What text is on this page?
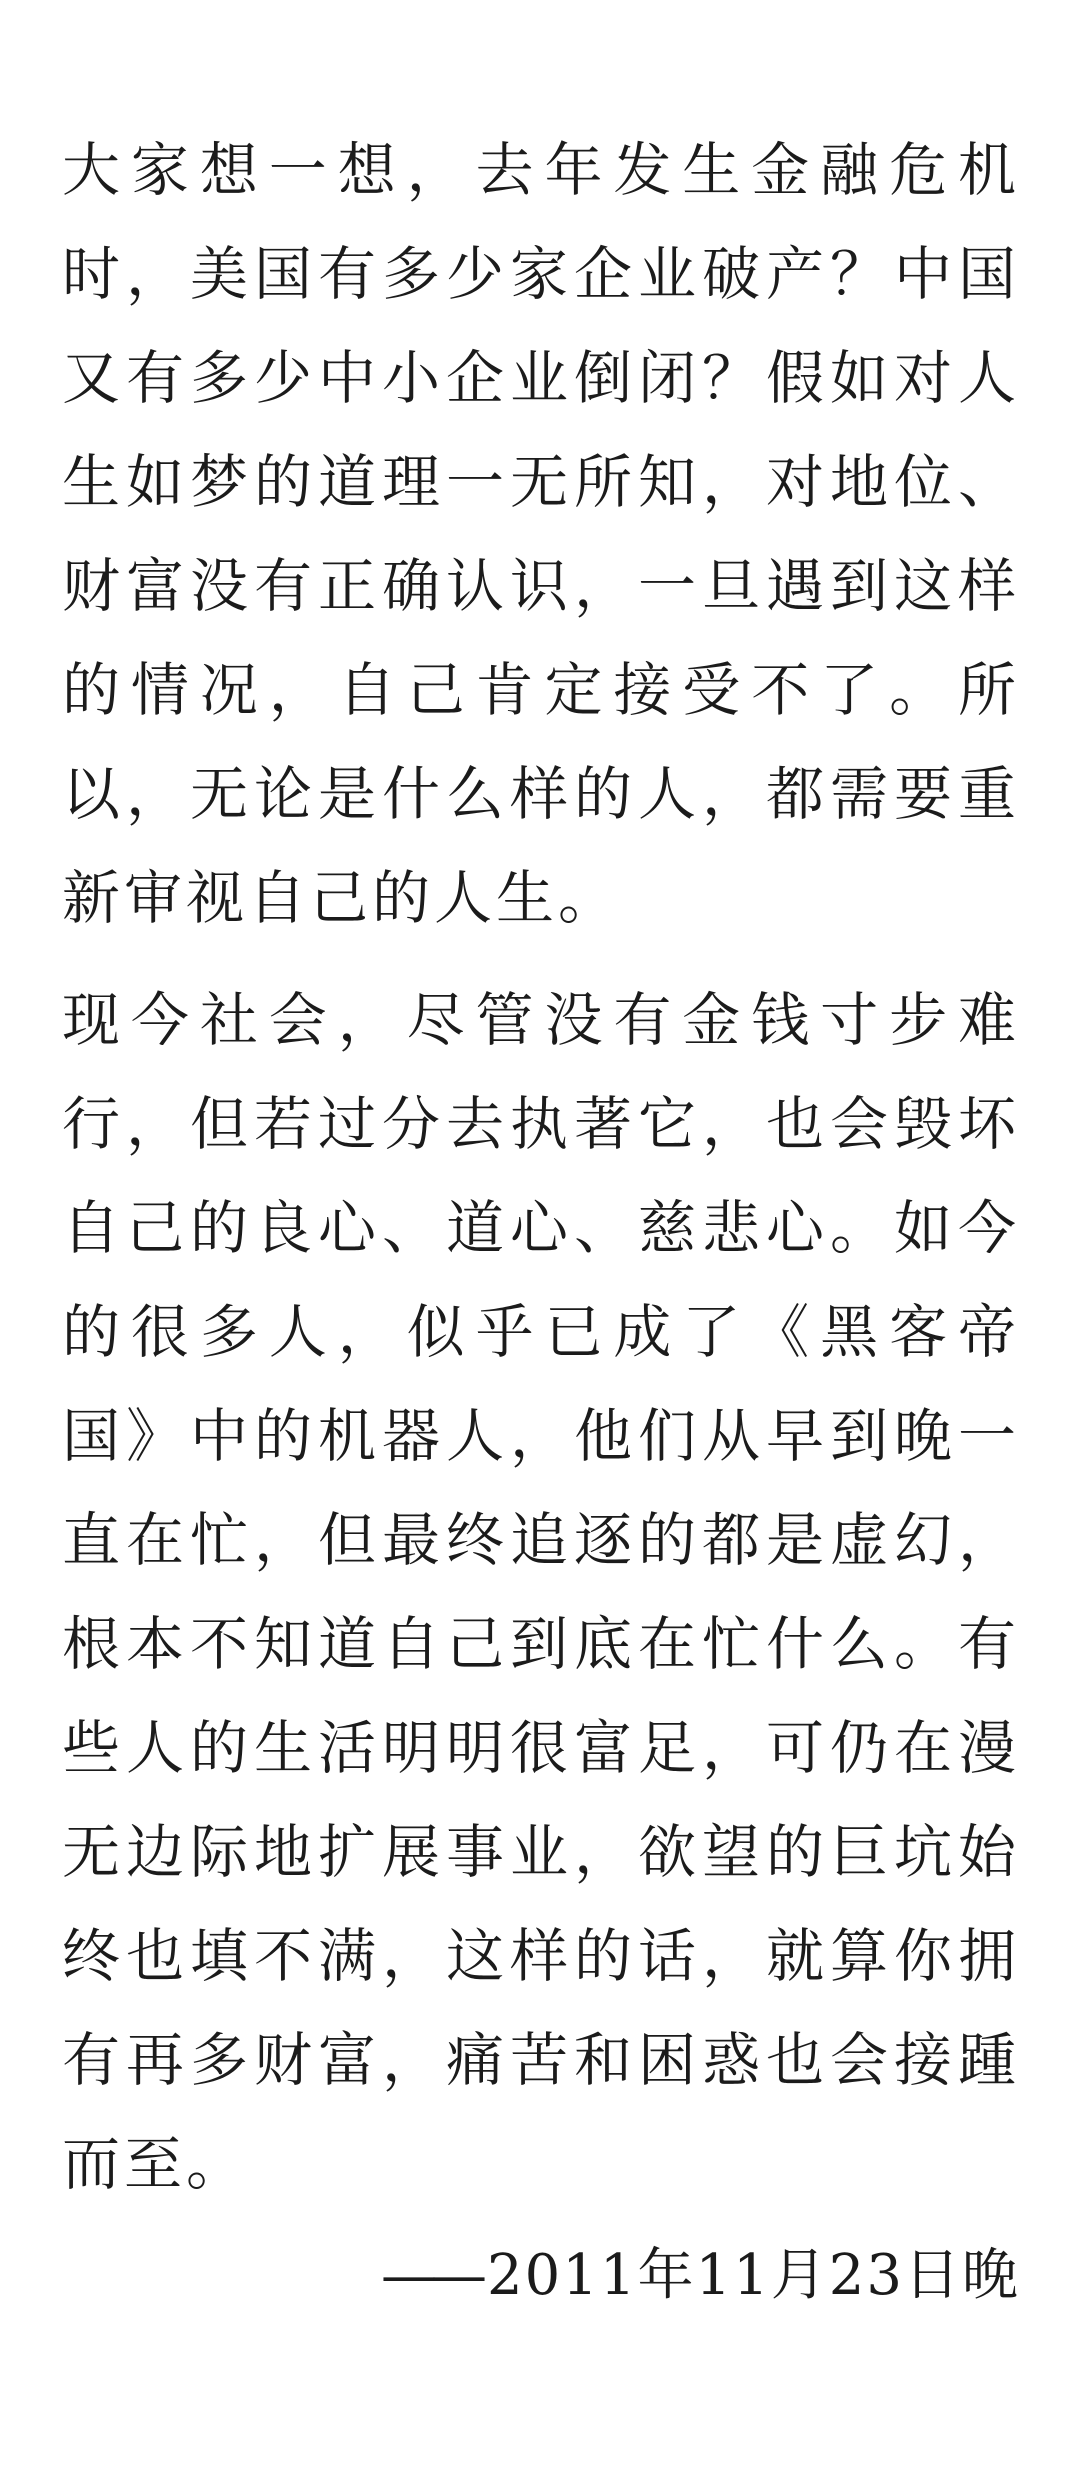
大家想一想，去年发生金融危机时，美国有多少家企业破产？中国又有多少中小企业倒闭？假如对人生如梦的道理一无所知，对地位、财富没有正确认识，一旦遇到这样的情况，自己肯定接受不了。所以，无论是什么样的人，都需要重新审视自己的人生。

现今社会，尽管没有金钱寸步难行，但若过分去执著它，也会毁坏自己的良心、道心、慈悲心。如今的很多人，似乎已成了《黑客帝国》中的机器人，他们从早到晚一直在忙，但最终追逐的都是虚幻，根本不知道自己到底在忙什么。有些人的生活明明很富足，可仍在漫无边际地扩展事业，欲望的巨坑始终也填不满，这样的话，就算你拥有再多财富，痛苦和困惑也会接踵而至。

—— 2011年11月23日晚
